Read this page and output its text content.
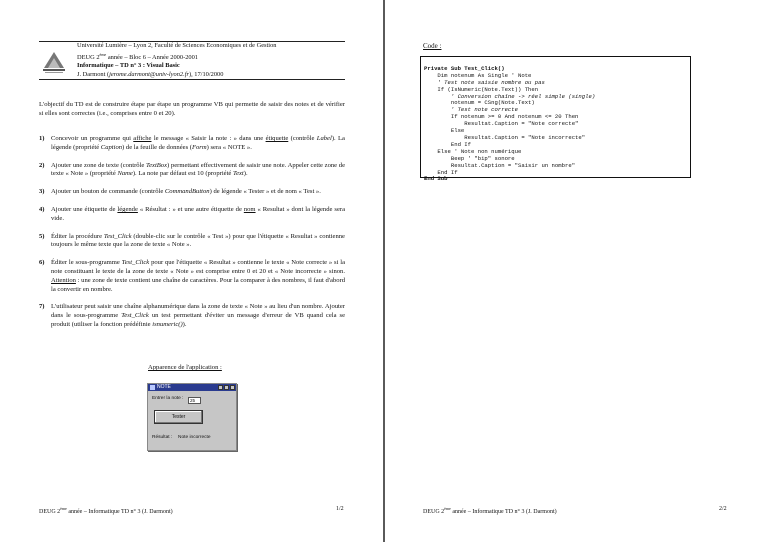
Université Lumière – Lyon 2, Faculté de Sciences Economiques et de Gestion
DEUG 2ème année – Bloc 6 – Année 2000-2001
Informatique – TD n° 3 : Visual Basic
J. Darmont (jerome.darmont@univ-lyon2.fr), 17/10/2000
L'objectif du TD est de construire étape par étape un programme VB qui permette de saisir des notes et de vérifier si elles sont correctes (i.e., comprises entre 0 et 20).
1) Concevoir un programme qui affiche le message « Saisir la note : » dans une étiquette (contrôle Label). La légende (propriété Caption) de la feuille de données (Form) sera « NOTE ».
2) Ajouter une zone de texte (contrôle TextBox) permettant effectivement de saisir une note. Appeler cette zone de texte « Note » (propriété Name). La note par défaut est 10 (propriété Text).
3) Ajouter un bouton de commande (contrôle CommandButton) de légende « Tester » et de nom « Test ».
4) Ajouter une étiquette de légende « Résultat : » et une autre étiquette de nom « Resultat » dont la légende sera vide.
5) Éditer la procédure Test_Click (double-clic sur le contrôle « Test ») pour que l'étiquette « Resultat » contienne toujours le même texte que la zone de texte « Note ».
6) Éditer le sous-programme Test_Click pour que l'étiquette « Resultat » contienne le texte « Note correcte » si la note constituant le texte de la zone de texte « Note » est comprise entre 0 et 20 et « Note incorrecte » sinon. Attention : une zone de texte contient une chaîne de caractères. Pour la comparer à des nombres, il faut d'abord la convertir en nombre.
7) L'utilisateur peut saisir une chaîne alphanumérique dans la zone de texte « Note » au lieu d'un nombre. Ajouter dans le sous-programme Test_Click un test permettant d'éviter un message d'erreur de VB quand cela se produit (utiliser la fonction prédéfinie isnumeric()).
Apparence de l'application :
NOTE
Entrer la note :	25
Tester
Résultat : Note incorrecte
DEUG 2ème année – Informatique TD n° 3 (J. Darmont)	1/2
Code :

Private Sub Test_Click()
Dim notenum As Single ' Note
' Test note saisie nombre ou pas
If (IsNumeric(Note.Text)) Then
' Conversion chaîne -> réel simple (single)
notenum = CSng(Note.Text)
' Test note correcte
If notenum >= 0 And notenum <= 20 Then
Resultat.Caption = "Note correcte"
Else
Resultat.Caption = "Note incorrecte"
End If
Else ' Note non numérique
Beep ' "bip" sonore
Resultat.Caption = "Saisir un nombre"
End If
End Sub

DEUG 2ème année – Informatique TD n° 3 (J. Darmont)	2/2
